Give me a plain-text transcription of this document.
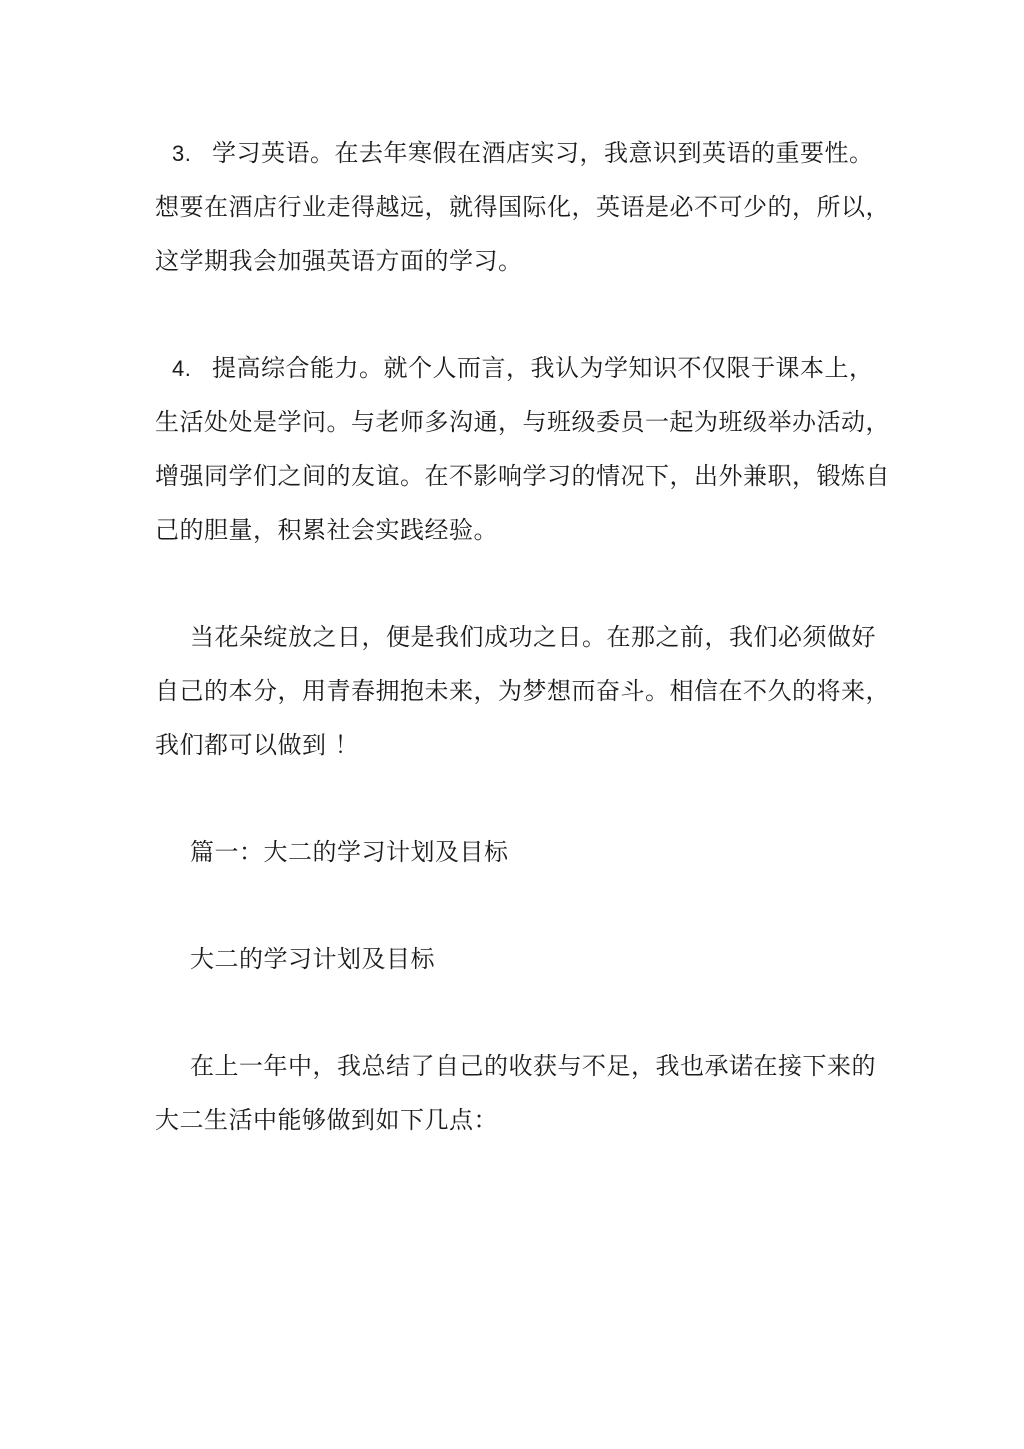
3. 学习英语。在去年寒假在酒店实习，我意识到英语的重要性。
想要在酒店行业走得越远，就得国际化，英语是必不可少的，所以，
这学期我会加强英语方面的学习。
4. 提高综合能力。就个人而言，我认为学知识不仅限于课本上，
生活处处是学问。与老师多沟通，与班级委员一起为班级举办活动，
增强同学们之间的友谊。在不影响学习的情况下，出外兼职，锻炼自
己的胆量，积累社会实践经验。
当花朵绽放之日，便是我们成功之日。在那之前，我们必须做好
自己的本分，用青春拥抱未来，为梦想而奋斗。相信在不久的将来，
我们都可以做到 ！
篇一：大二的学习计划及目标
大二的学习计划及目标
在上一年中，我总结了自己的收获与不足，我也承诺在接下来的
大二生活中能够做到如下几点：
